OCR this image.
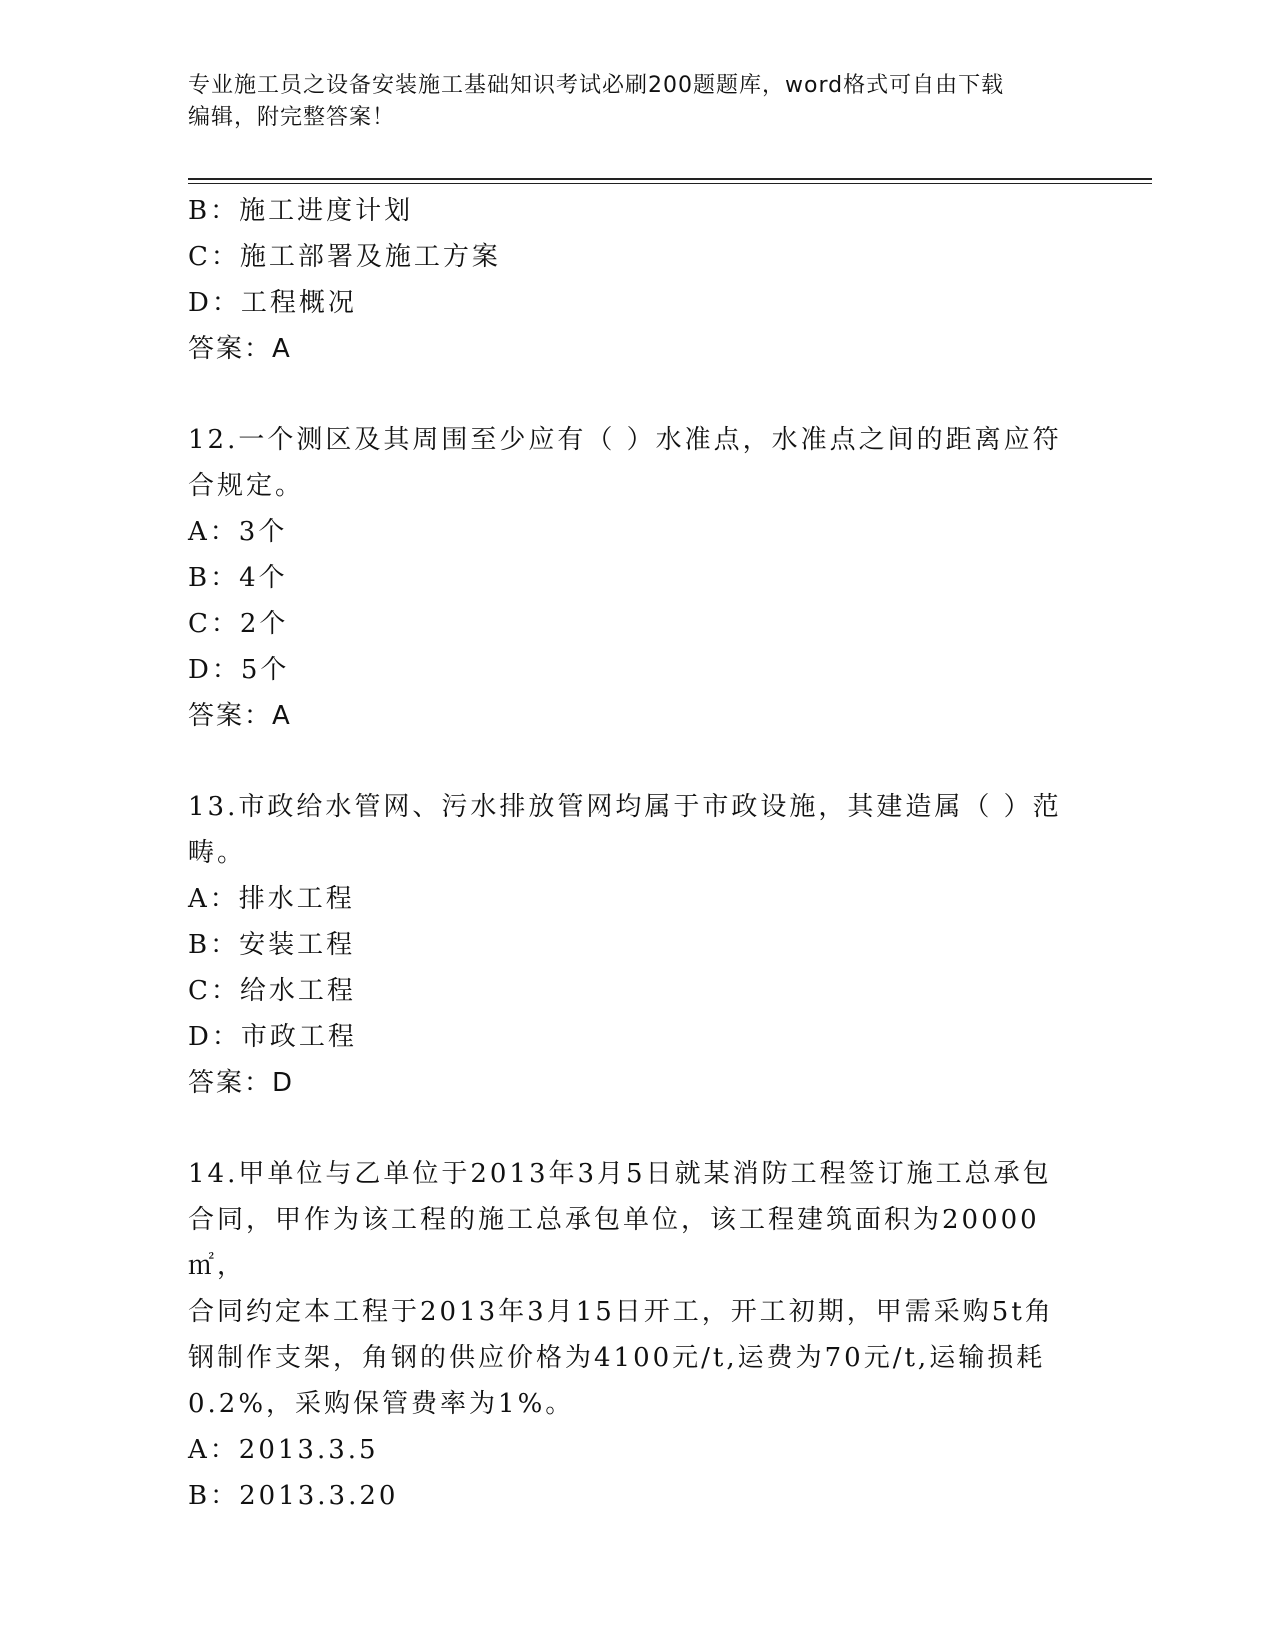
专业施工员之设备安装施工基础知识考试必刷200题题库，word格式可自由下载
编辑，附完整答案！

B：施工进度计划

C：施工部署及施工方案

D：工程概况

答案：A

12.一个测区及其周围至少应有（ ）水准点，水准点之间的距离应符

合规定。

A：3个

B：4个

C：2个

D：5个

答案：A

13.市政给水管网、污水排放管网均属于市政设施，其建造属（ ）范

畴。

A：排水工程

B：安装工程

C：给水工程

D：市政工程

答案：D

14.甲单位与乙单位于2013年3月5日就某消防工程签订施工总承包

合同，甲作为该工程的施工总承包单位，该工程建筑面积为20000㎡，

合同约定本工程于2013年3月15日开工，开工初期，甲需采购5t角

钢制作支架，角钢的供应价格为4100元/t,运费为70元/t,运输损耗

0.2%，采购保管费率为1%。

A：2013.3.5

B：2013.3.20
